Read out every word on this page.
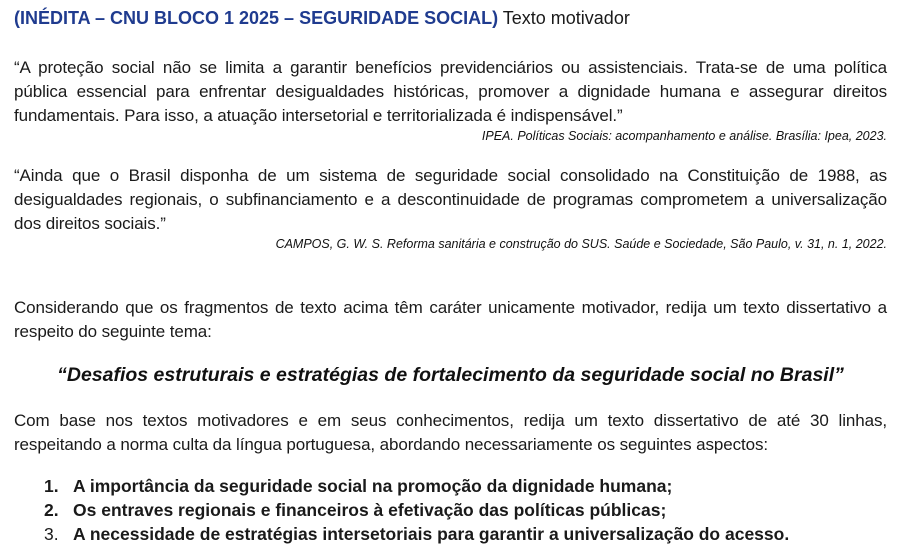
(INÉDITA – CNU BLOCO 1 2025 – SEGURIDADE SOCIAL) Texto motivador

“A proteção social não se limita a garantir benefícios previdenciários ou assistenciais. Trata-se de uma política pública essencial para enfrentar desigualdades históricas, promover a dignidade humana e assegurar direitos fundamentais. Para isso, a atuação intersetorial e territorializada é indispensável.”

IPEA. Políticas Sociais: acompanhamento e análise. Brasília: Ipea, 2023.

“Ainda que o Brasil disponha de um sistema de seguridade social consolidado na Constituição de 1988, as desigualdades regionais, o subfinanciamento e a descontinuidade de programas comprometem a universalização dos direitos sociais.”

CAMPOS, G. W. S. Reforma sanitária e construção do SUS. Saúde e Sociedade, São Paulo, v. 31, n. 1, 2022.

Considerando que os fragmentos de texto acima têm caráter unicamente motivador, redija um texto dissertativo a respeito do seguinte tema:

“Desafios estruturais e estratégias de fortalecimento da seguridade social no Brasil”

Com base nos textos motivadores e em seus conhecimentos, redija um texto dissertativo de até 30 linhas, respeitando a norma culta da língua portuguesa, abordando necessariamente os seguintes aspectos:

1. A importância da seguridade social na promoção da dignidade humana;
2. Os entraves regionais e financeiros à efetivação das políticas públicas;
3. A necessidade de estratégias intersetoriais para garantir a universalização do acesso.
